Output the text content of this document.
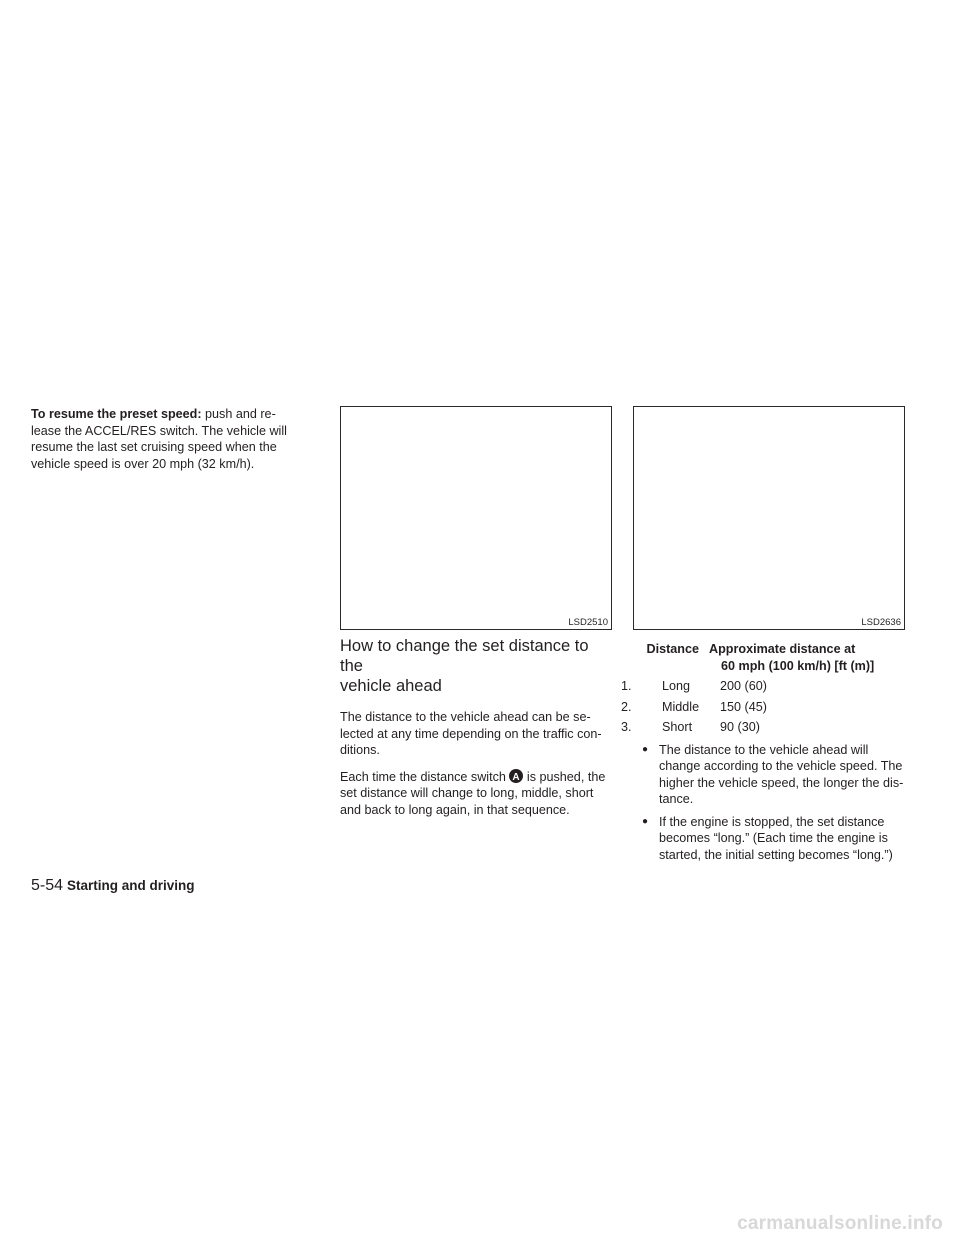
To resume the preset speed: push and re-

lease the ACCEL/RES switch. The vehicle will

resume the last set cruising speed when the

vehicle speed is over 20 mph (32 km/h).

LSD2510	LSD2636
How to change the set distance to the
vehicle ahead

The distance to the vehicle ahead can be se-

lected at any time depending on the traffic con-

ditions.

Each time the distance switch A is pushed, the

set distance will change to long, middle, short

and back to long again, in that sequence.

Distance Approximate distance at
60 mph (100 km/h) [ft (m)]
1.	Long	200 (60)
2.	Middle	150 (45)
3.	Short	90 (30)
● The distance to the vehicle ahead will

change according to the vehicle speed. The

higher the vehicle speed, the longer the dis-

tance.

● If the engine is stopped, the set distance

becomes “long.” (Each time the engine is

started, the initial setting becomes “long.”)

5-54 Starting and driving
carmanualsonline.info
